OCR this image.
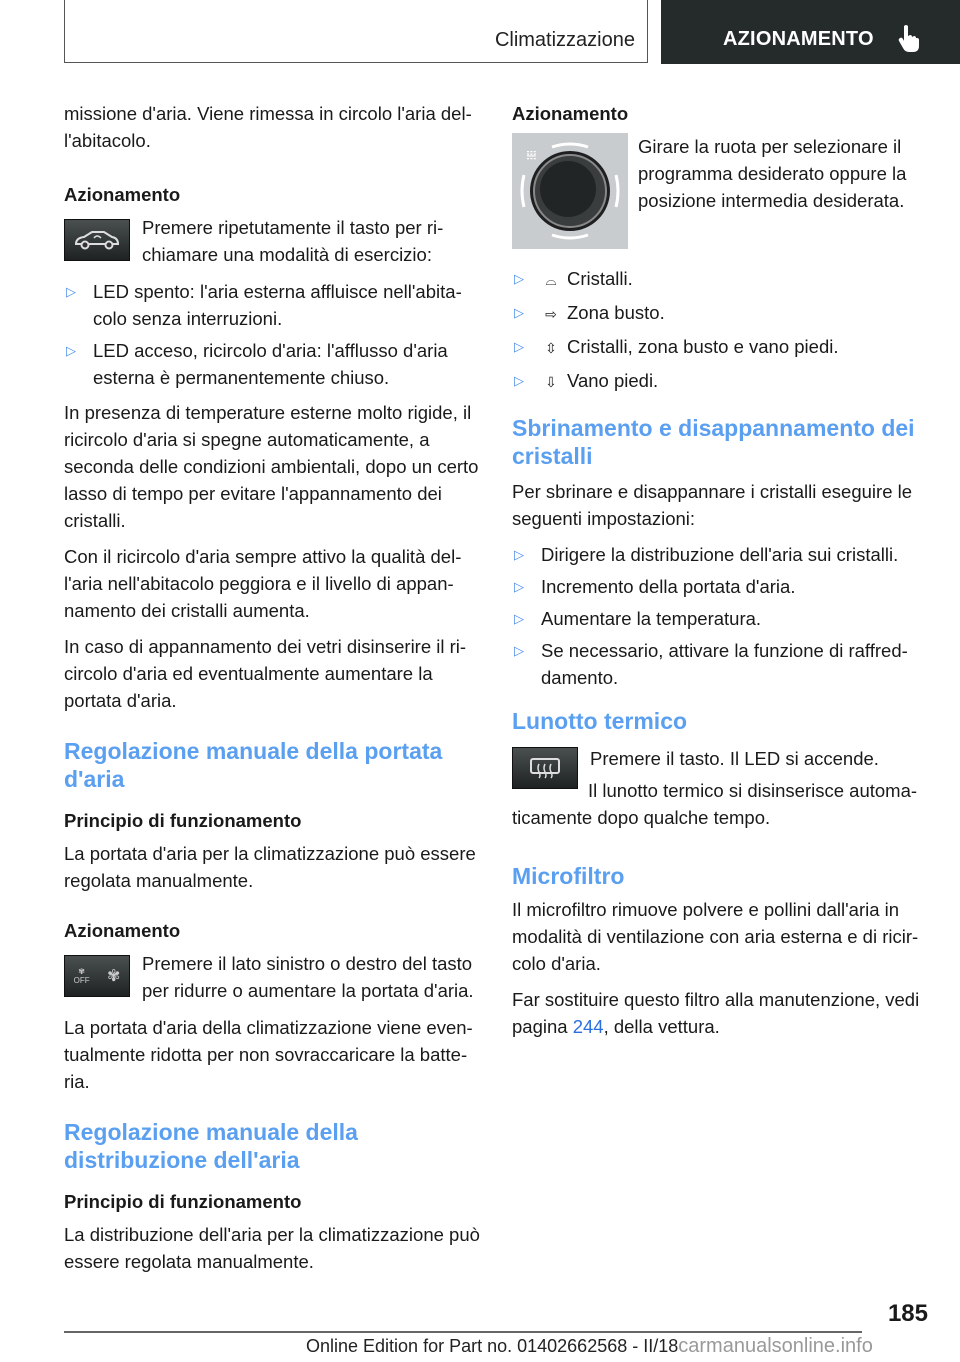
Climatizzazione	AZIONAMENTO

missione d'aria. Viene rimessa in circolo l'aria dell'abitacolo.

Azionamento
Premere ripetutamente il tasto per richiamare una modalità di esercizio:
▷ LED spento: l'aria esterna affluisce nell'abitacolo senza interruzioni.
▷ LED acceso, ricircolo d'aria: l'afflusso d'aria esterna è permanentemente chiuso.

In presenza di temperature esterne molto rigide, il ricircolo d'aria si spegne automaticamente, a seconda delle condizioni ambientali, dopo un certo lasso di tempo per evitare l'appannamento dei cristalli.

Con il ricircolo d'aria sempre attivo la qualità dell'aria nell'abitacolo peggiora e il livello di appannamento dei cristalli aumenta.

In caso di appannamento dei vetri disinserire il ricircolo d'aria ed eventualmente aumentare la portata d'aria.

Regolazione manuale della portata d'aria
Principio di funzionamento

La portata d'aria per la climatizzazione può essere regolata manualmente.

Azionamento
✾
OFF ✾
Premere il lato sinistro o destro del tasto per ridurre o aumentare la portata d'aria.

La portata d'aria della climatizzazione viene eventualmente ridotta per non sovraccaricare la batteria.

Regolazione manuale della distribuzione dell'aria
Principio di funzionamento

La distribuzione dell'aria per la climatizzazione può essere regolata manualmente.

Azionamento
𝍐	Girare la ruota per selezionare il programma desiderato oppure la posizione intermedia desiderata.
▷ ⌓ Cristalli.
▷ ⇨ Zona busto.
▷ ⇳ Cristalli, zona busto e vano piedi.
▷ ⇩ Vano piedi.
Sbrinamento e disappannamento dei cristalli

Per sbrinare e disappannare i cristalli eseguire le seguenti impostazioni:

▷ Dirigere la distribuzione dell'aria sui cristalli.
▷ Incremento della portata d'aria.
▷ Aumentare la temperatura.
▷ Se necessario, attivare la funzione di raffreddamento.
Lunotto termico

Premere il tasto. Il LED si accende.

Il lunotto termico si disinserisce automaticamente dopo qualche tempo.

Microfiltro

Il microfiltro rimuove polvere e pollini dall'aria in modalità di ventilazione con aria esterna e di ricircolo d'aria.

Far sostituire questo filtro alla manutenzione, vedi pagina 244, della vettura.

185
Online Edition for Part no. 01402662568 - II/18carmanualsonline.info
